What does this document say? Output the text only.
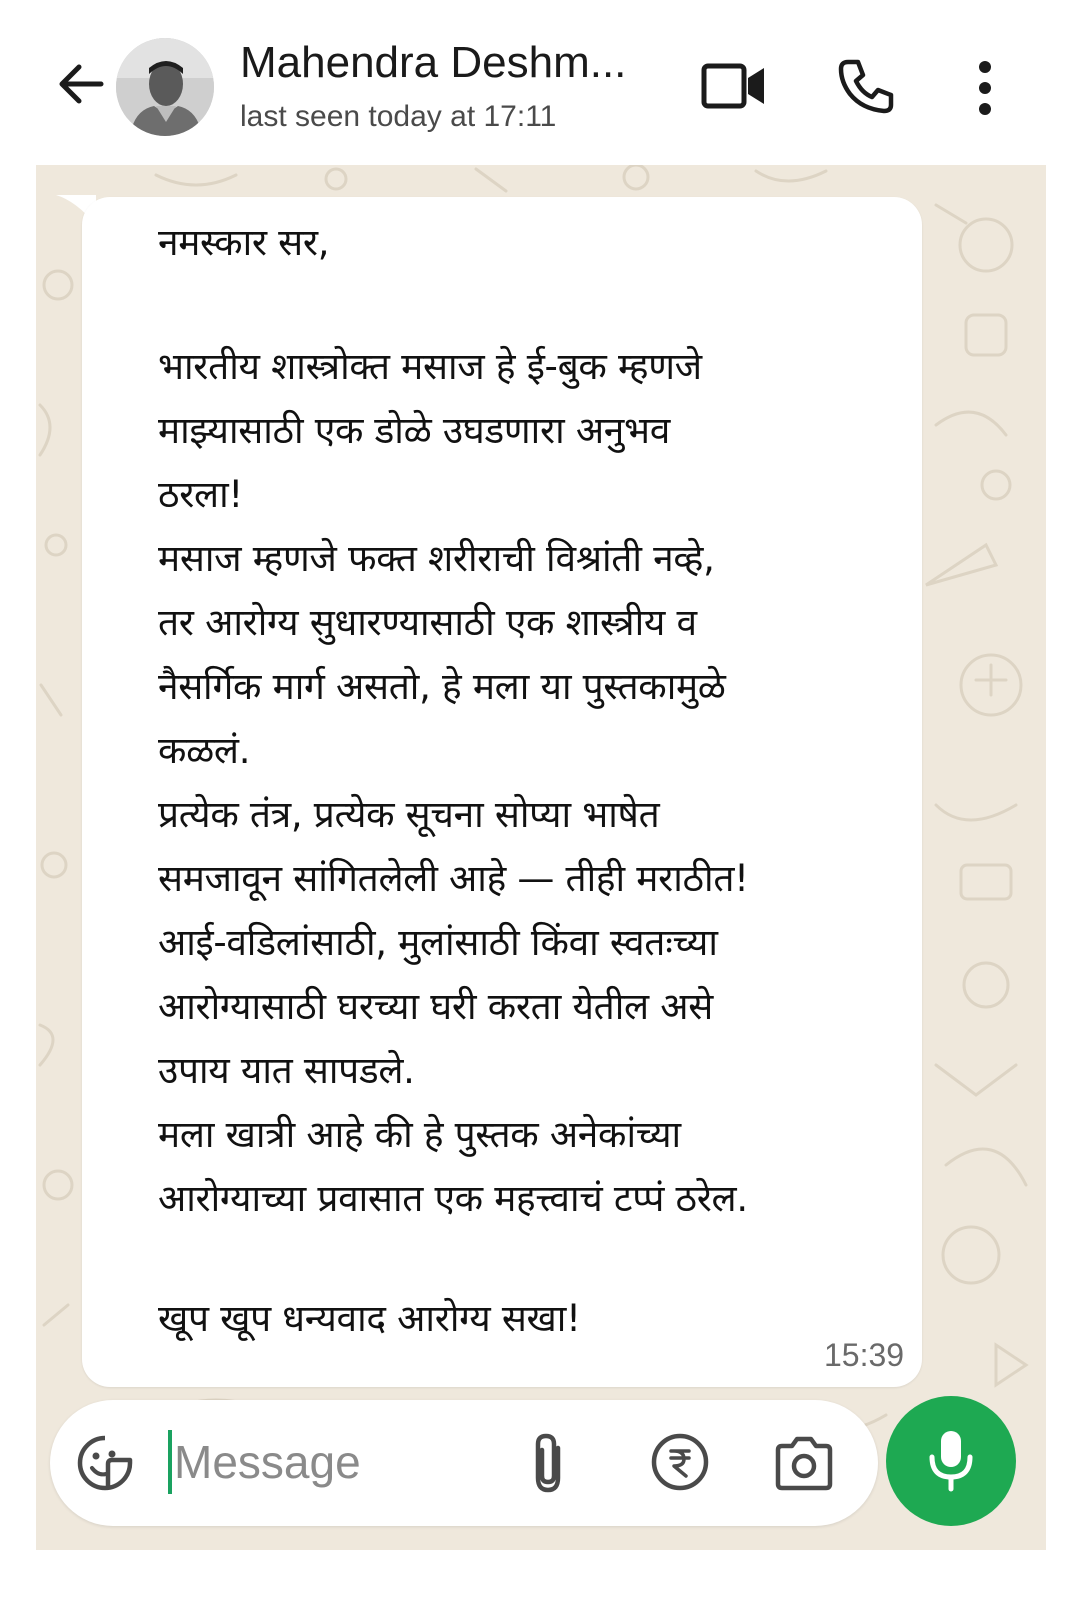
Mahendra Deshm...
last seen today at 17:11
नमस्कार सर,
भारतीय शास्त्रोक्त मसाज हे ई-बुक म्हणजे
माझ्यासाठी एक डोळे उघडणारा अनुभव
ठरला!
मसाज म्हणजे फक्त शरीराची विश्रांती नव्हे,
तर आरोग्य सुधारण्यासाठी एक शास्त्रीय व
नैसर्गिक मार्ग असतो, हे मला या पुस्तकामुळे
कळलं.
प्रत्येक तंत्र, प्रत्येक सूचना सोप्या भाषेत
समजावून सांगितलेली आहे — तीही मराठीत!
आई-वडिलांसाठी, मुलांसाठी किंवा स्वतःच्या
आरोग्यासाठी घरच्या घरी करता येतील असे
उपाय यात सापडले.
मला खात्री आहे की हे पुस्तक अनेकांच्या
आरोग्याच्या प्रवासात एक महत्त्वाचं टप्पं ठरेल.
खूप खूप धन्यवाद आरोग्य सखा!
15:39
Message
